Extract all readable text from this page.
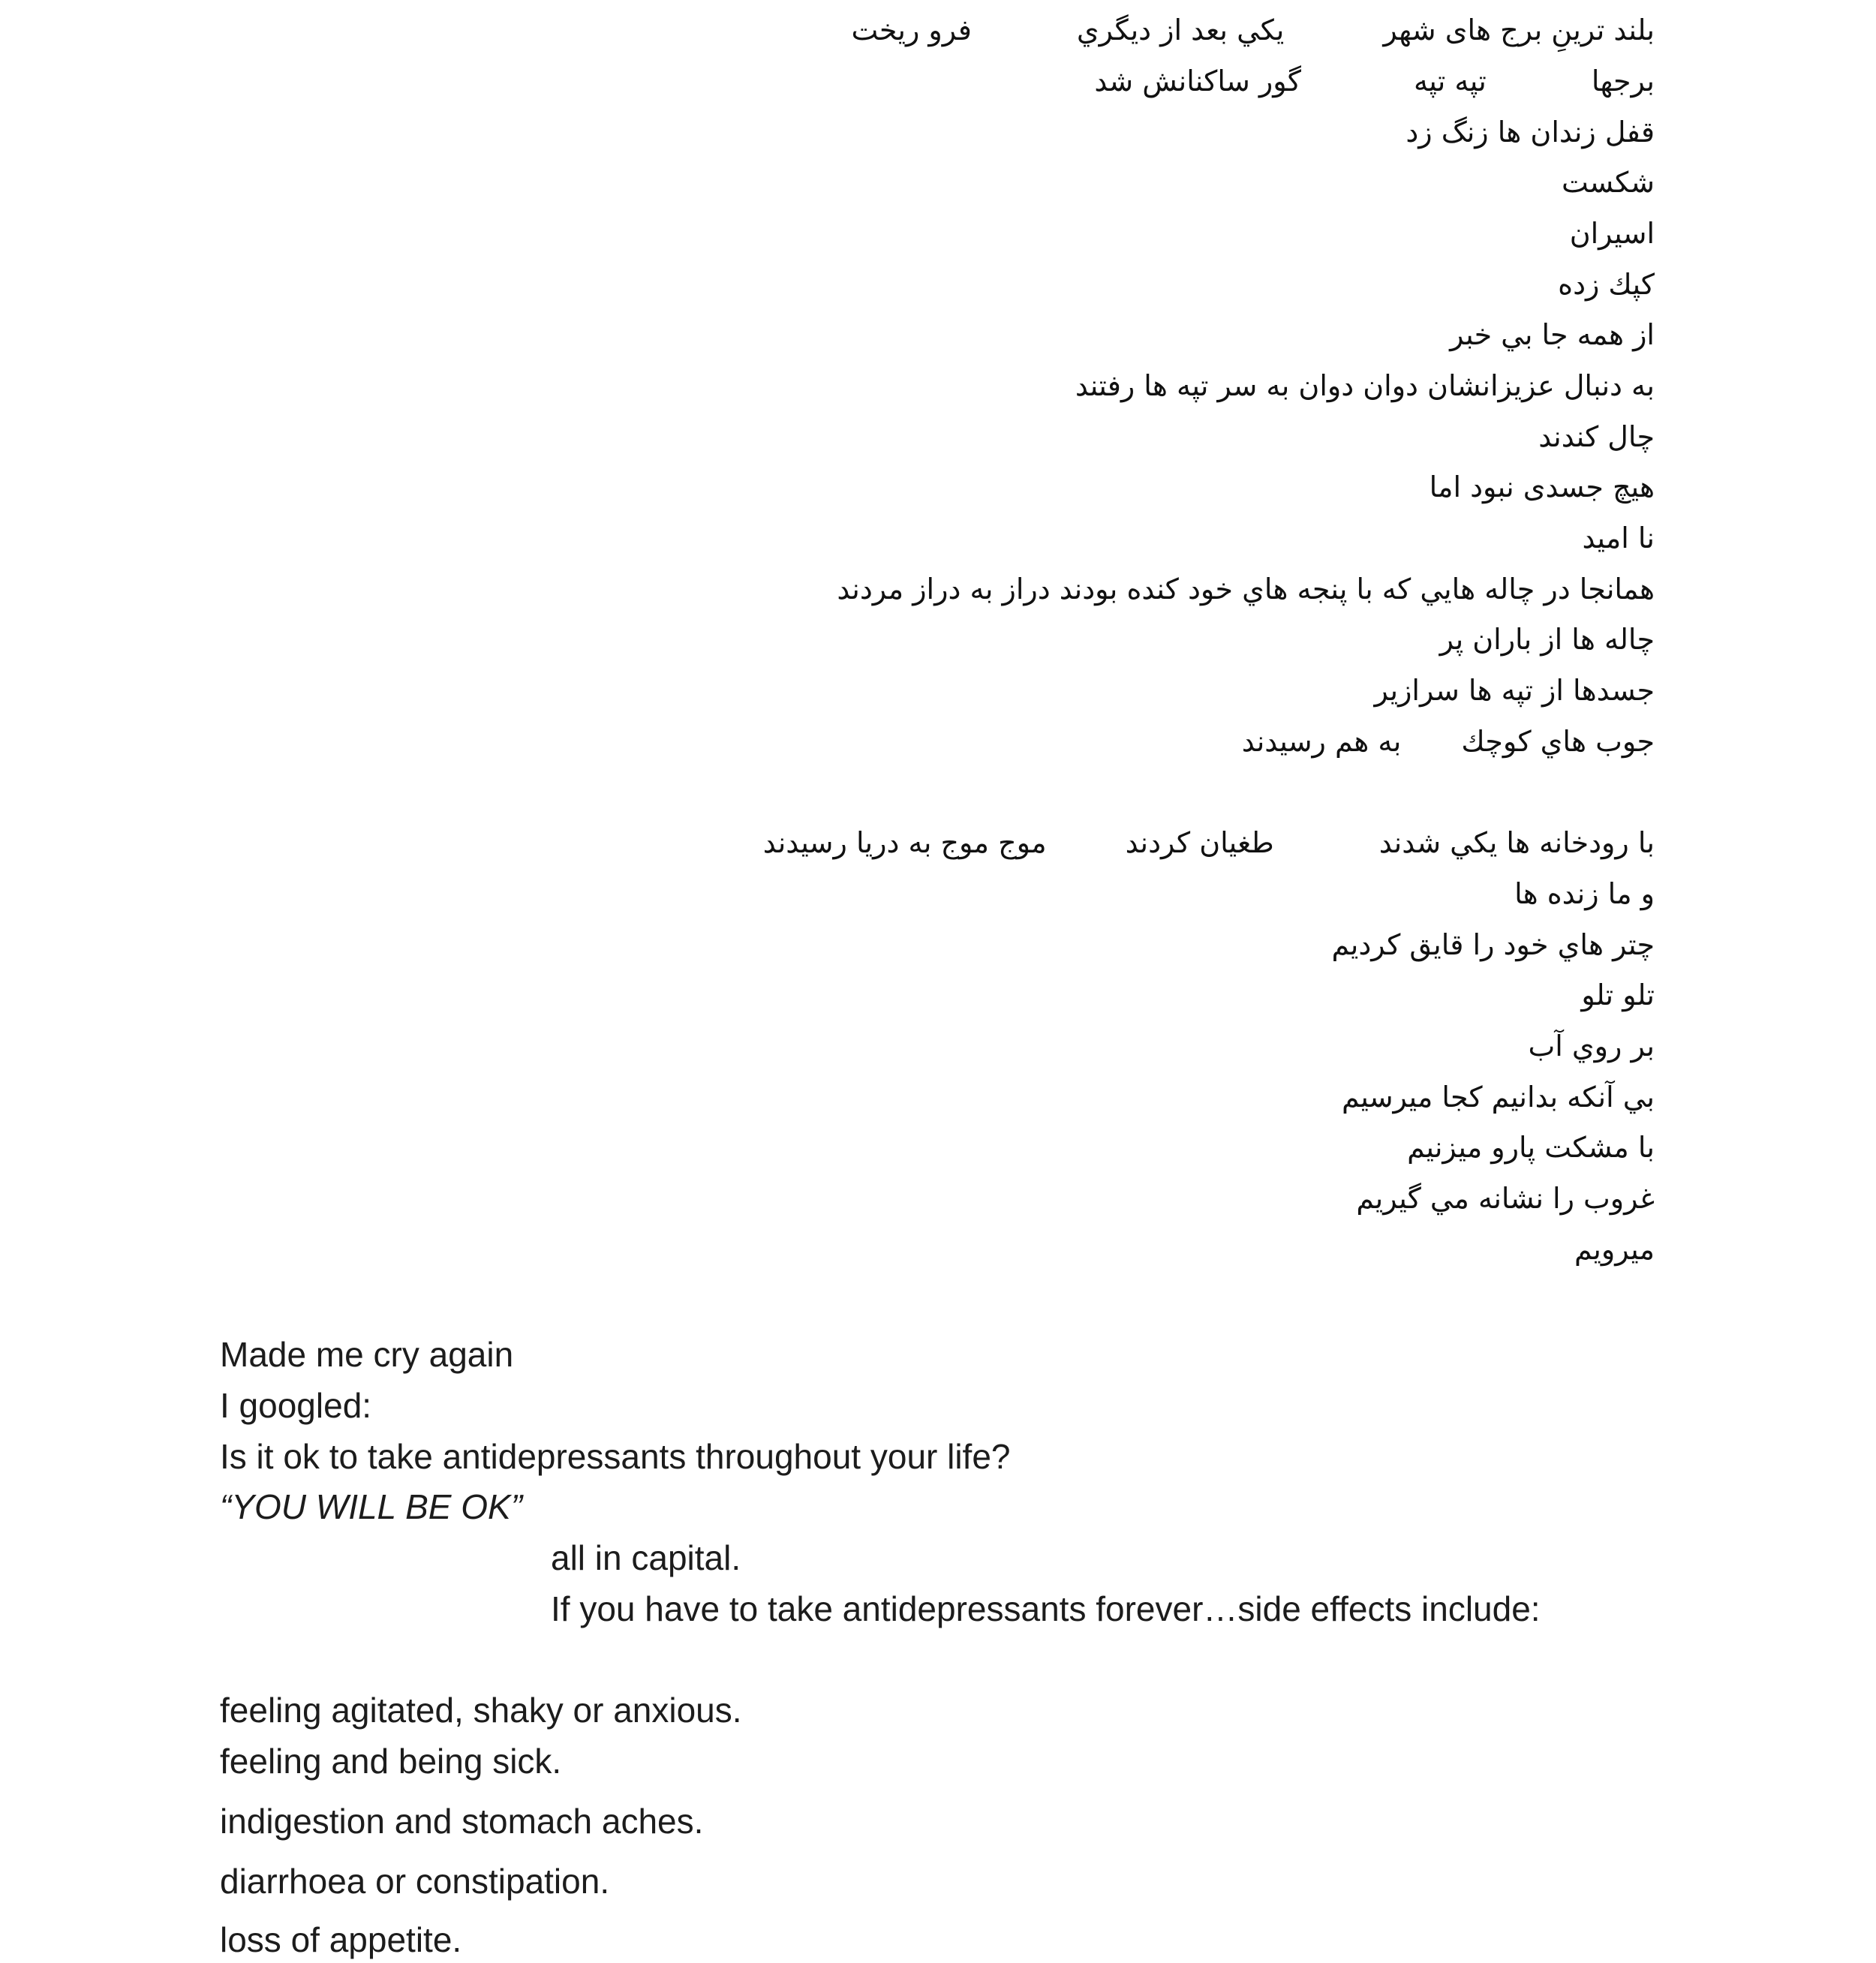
بلند ترینِ برج های شهریكي بعد از دیگريفرو ریخت
برجهاتپه تپهگور ساكنانش شد
قفل زندان ها زنگ زد
شكست
اسیران
كپك زده
از همه جا بي خبر
به دنبال عزیزانشان دوان دوان به سر تپه ها رفتند
چال كندند
هیچ جسدی نبود اما
نا امید
همانجا در چاله هایي كه با پنجه هاي خود كنده بودند دراز به دراز مردند
چاله ها از باران پر
جسدها از تپه ها سرازیر
جوب هاي كوچكبه هم رسیدند
با رودخانه ها یكي شدندطغیان كردندموج موج به دریا رسیدند
و ما زنده ها
چتر هاي خود را قایق كردیم
تلو تلو
بر روي آب
بي آنكه بدانیم كجا میرسیم
با مشكت پارو میزنیم
غروب را نشانه مي گیریم
میرویم
Made me cry again
I googled:
Is it ok to take antidepressants throughout your life?
“YOU WILL BE OK”
all in capital.
If you have to take antidepressants forever…side effects include:
feeling agitated, shaky or anxious.
feeling and being sick.
indigestion and stomach aches.
diarrhoea or constipation.
loss of appetite.
